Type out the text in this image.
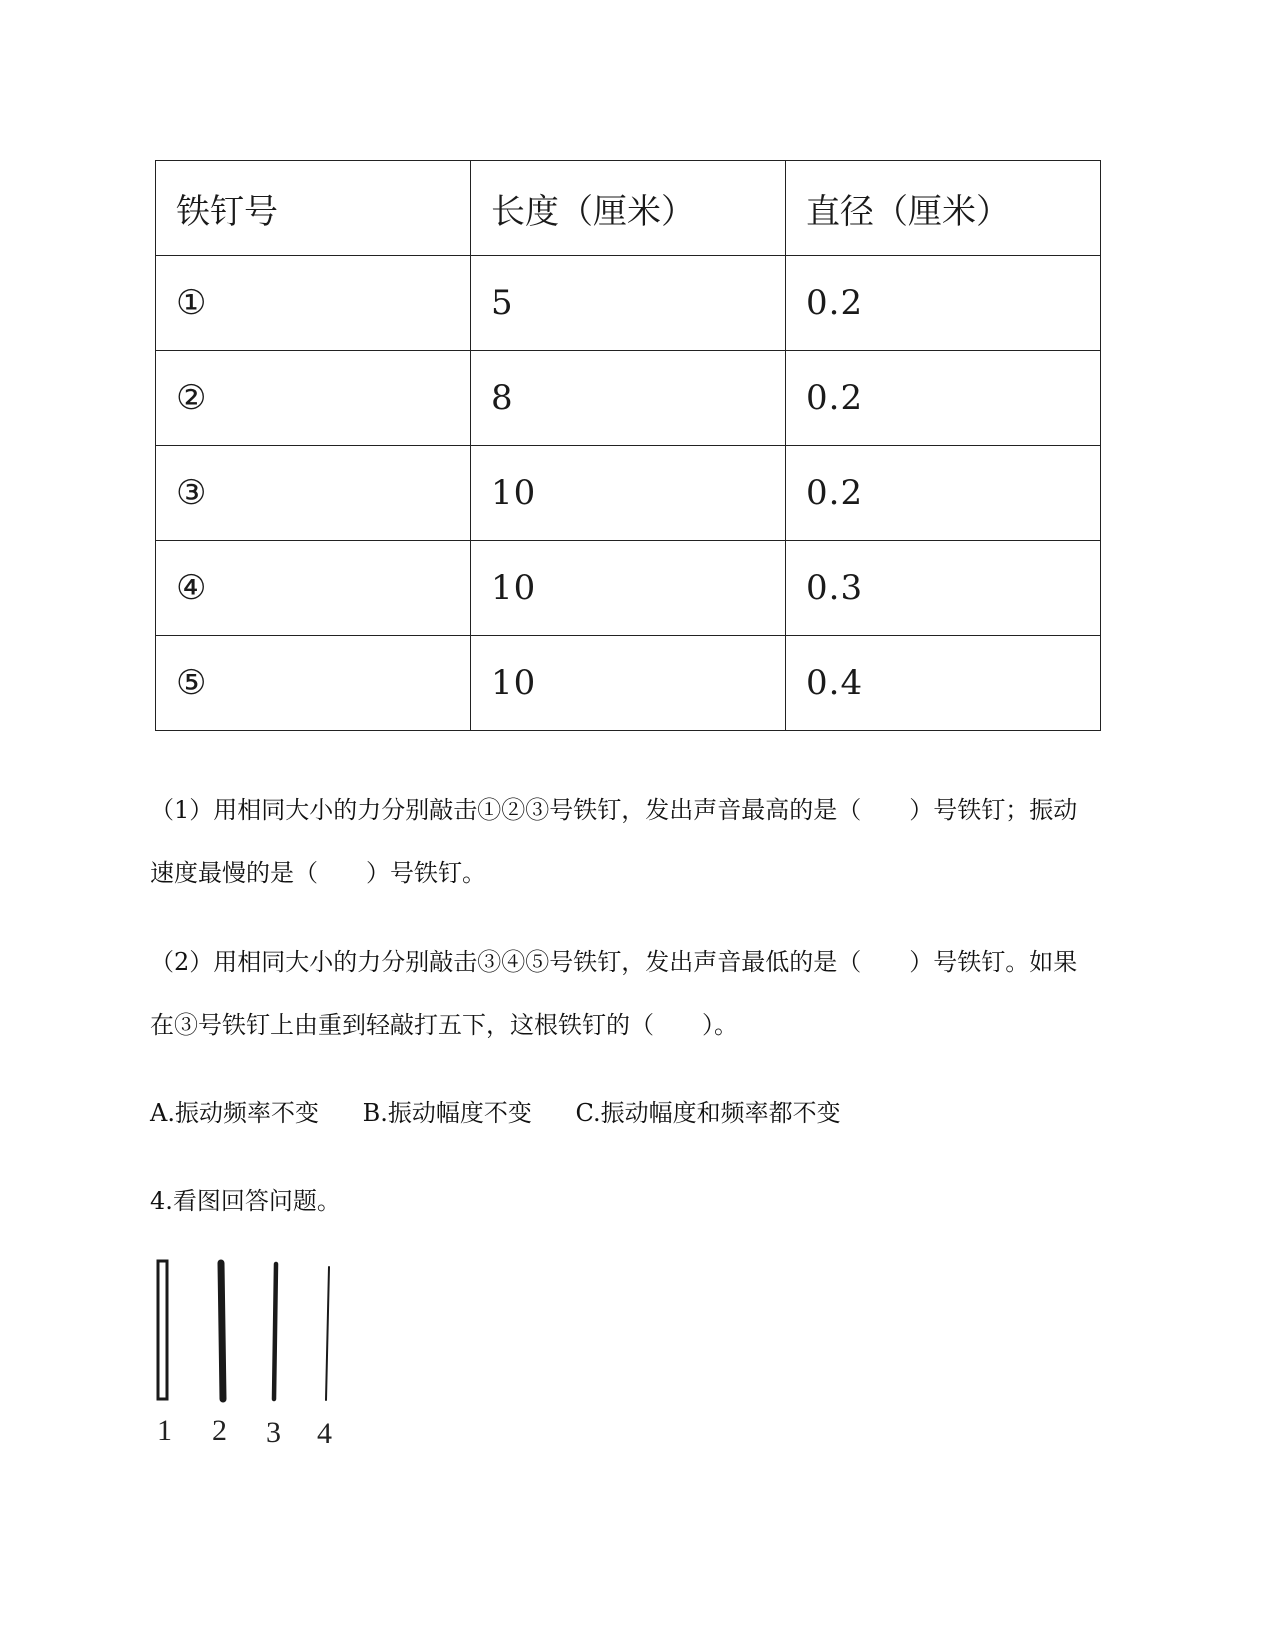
铁钉号	长度（厘米）	直径（厘米）
①	5	0.2
②	8	0.2
③	10	0.2
④	10	0.3
⑤	10	0.4
（1）用相同大小的力分别敲击①②③号铁钉，发出声音最高的是（　　）号铁钉；振动
速度最慢的是（　　）号铁钉。
（2）用相同大小的力分别敲击③④⑤号铁钉，发出声音最低的是（　　）号铁钉。如果
在③号铁钉上由重到轻敲打五下，这根铁钉的（　　）。
A.振动频率不变 B.振动幅度不变 C.振动幅度和频率都不变
4.看图回答问题。
1 2 3 4
